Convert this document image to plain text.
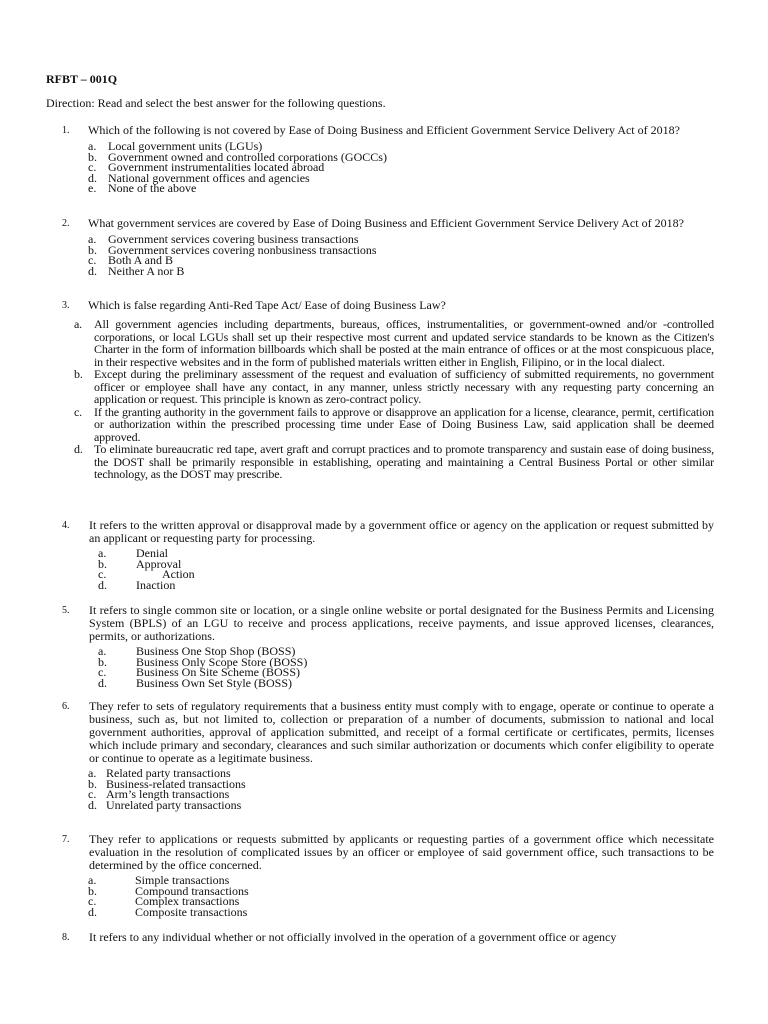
RFBT – 001Q
Direction: Read and select the best answer for the following questions.
1. Which of the following is not covered by Ease of Doing Business and Efficient Government Service Delivery Act of 2018?
a. Local government units (LGUs)
b. Government owned and controlled corporations (GOCCs)
c. Government instrumentalities located abroad
d. National government offices and agencies
e. None of the above
2. What government services are covered by Ease of Doing Business and Efficient Government Service Delivery Act of 2018?
a. Government services covering business transactions
b. Government services covering nonbusiness transactions
c. Both A and B
d. Neither A nor B
3. Which is false regarding Anti-Red Tape Act/ Ease of doing Business Law?
a. All government agencies including departments, bureaus, offices, instrumentalities, or government-owned and/or -controlled corporations, or local LGUs shall set up their respective most current and updated service standards to be known as the Citizen's Charter in the form of information billboards which shall be posted at the main entrance of offices or at the most conspicuous place, in their respective websites and in the form of published materials written either in English, Filipino, or in the local dialect.
b. Except during the preliminary assessment of the request and evaluation of sufficiency of submitted requirements, no government officer or employee shall have any contact, in any manner, unless strictly necessary with any requesting party concerning an application or request. This principle is known as zero-contract policy.
c. If the granting authority in the government fails to approve or disapprove an application for a license, clearance, permit, certification or authorization within the prescribed processing time under Ease of Doing Business Law, said application shall be deemed approved.
d. To eliminate bureaucratic red tape, avert graft and corrupt practices and to promote transparency and sustain ease of doing business, the DOST shall be primarily responsible in establishing, operating and maintaining a Central Business Portal or other similar technology, as the DOST may prescribe.
4. It refers to the written approval or disapproval made by a government office or agency on the application or request submitted by an applicant or requesting party for processing.
a. Denial
b. Approval
c.	Action
d. Inaction
5. It refers to single common site or location, or a single online website or portal designated for the Business Permits and Licensing System (BPLS) of an LGU to receive and process applications, receive payments, and issue approved licenses, clearances, permits, or authorizations.
a. Business One Stop Shop (BOSS)
b. Business Only Scope Store (BOSS)
c. Business On Site Scheme (BOSS)
d. Business Own Set Style (BOSS)
6. They refer to sets of regulatory requirements that a business entity must comply with to engage, operate or continue to operate a business, such as, but not limited to, collection or preparation of a number of documents, submission to national and local government authorities, approval of application submitted, and receipt of a formal certificate or certificates, permits, licenses which include primary and secondary, clearances and such similar authorization or documents which confer eligibility to operate or continue to operate as a legitimate business.
a. Related party transactions
b. Business-related transactions
c. Arm’s length transactions
d. Unrelated party transactions
7. They refer to applications or requests submitted by applicants or requesting parties of a government office which necessitate evaluation in the resolution of complicated issues by an officer or employee of said government office, such transactions to be determined by the office concerned.
a.	Simple transactions
b.	Compound transactions
c.	Complex transactions
d.	Composite transactions
8. It refers to any individual whether or not officially involved in the operation of a government office or agency
